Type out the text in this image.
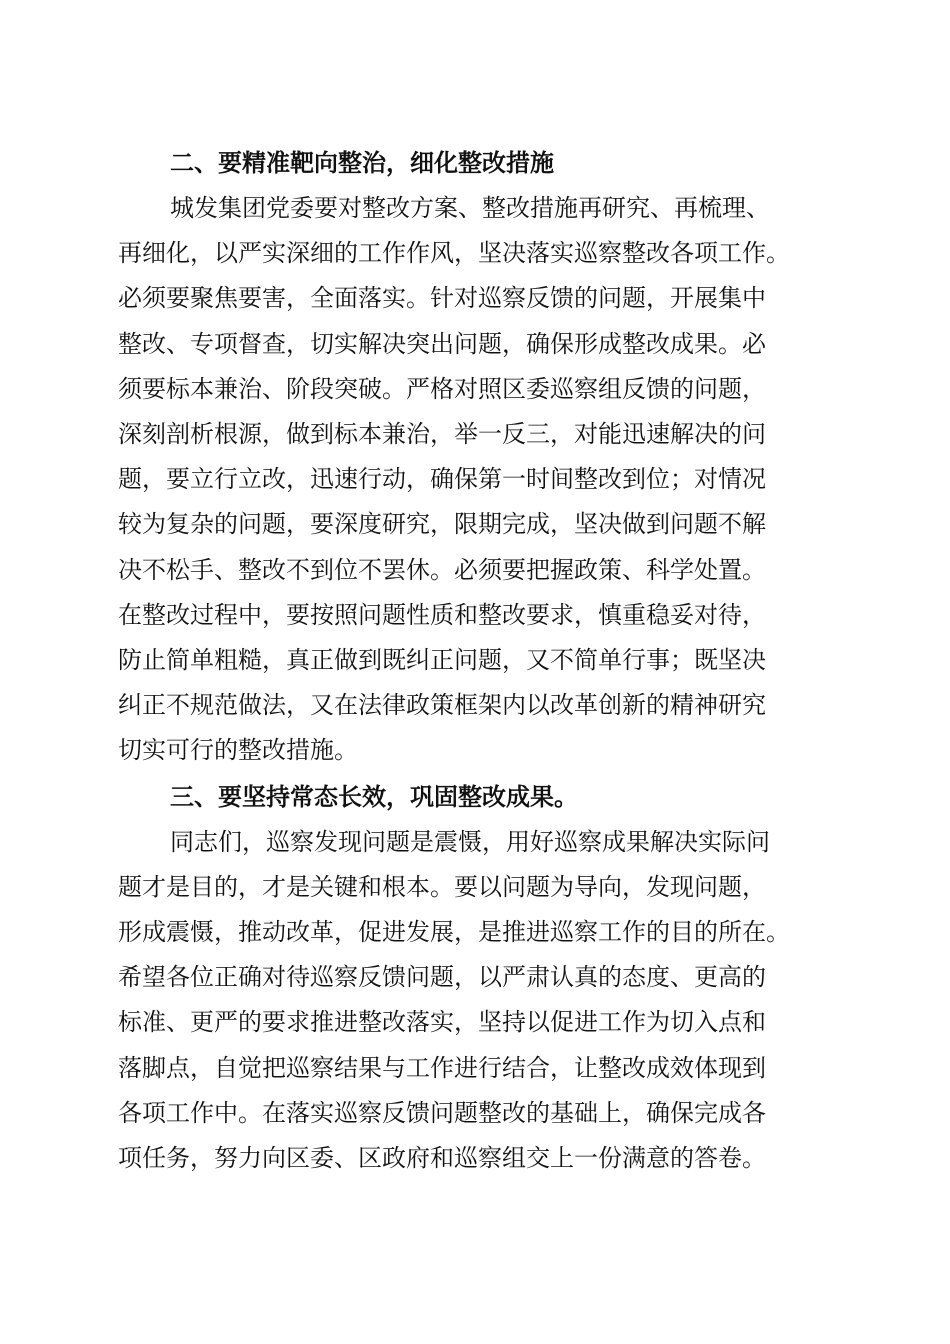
二、要精准靶向整治，细化整改措施

城发集团党委要对整改方案、整改措施再研究、再梳理、
再细化，以严实深细的工作作风，坚决落实巡察整改各项工作。
必须要聚焦要害，全面落实。针对巡察反馈的问题，开展集中
整改、专项督查，切实解决突出问题，确保形成整改成果。必
须要标本兼治、阶段突破。严格对照区委巡察组反馈的问题，
深刻剖析根源，做到标本兼治，举一反三，对能迅速解决的问
题，要立行立改，迅速行动，确保第一时间整改到位；对情况
较为复杂的问题，要深度研究，限期完成，坚决做到问题不解
决不松手、整改不到位不罢休。必须要把握政策、科学处置。
在整改过程中，要按照问题性质和整改要求，慎重稳妥对待，
防止简单粗糙，真正做到既纠正问题，又不简单行事；既坚决
纠正不规范做法，又在法律政策框架内以改革创新的精神研究
切实可行的整改措施。

三、要坚持常态长效，巩固整改成果。

同志们，巡察发现问题是震慑，用好巡察成果解决实际问
题才是目的，才是关键和根本。要以问题为导向，发现问题，
形成震慑，推动改革，促进发展，是推进巡察工作的目的所在。
希望各位正确对待巡察反馈问题，以严肃认真的态度、更高的
标准、更严的要求推进整改落实，坚持以促进工作为切入点和
落脚点，自觉把巡察结果与工作进行结合，让整改成效体现到
各项工作中。在落实巡察反馈问题整改的基础上，确保完成各
项任务，努力向区委、区政府和巡察组交上一份满意的答卷。
